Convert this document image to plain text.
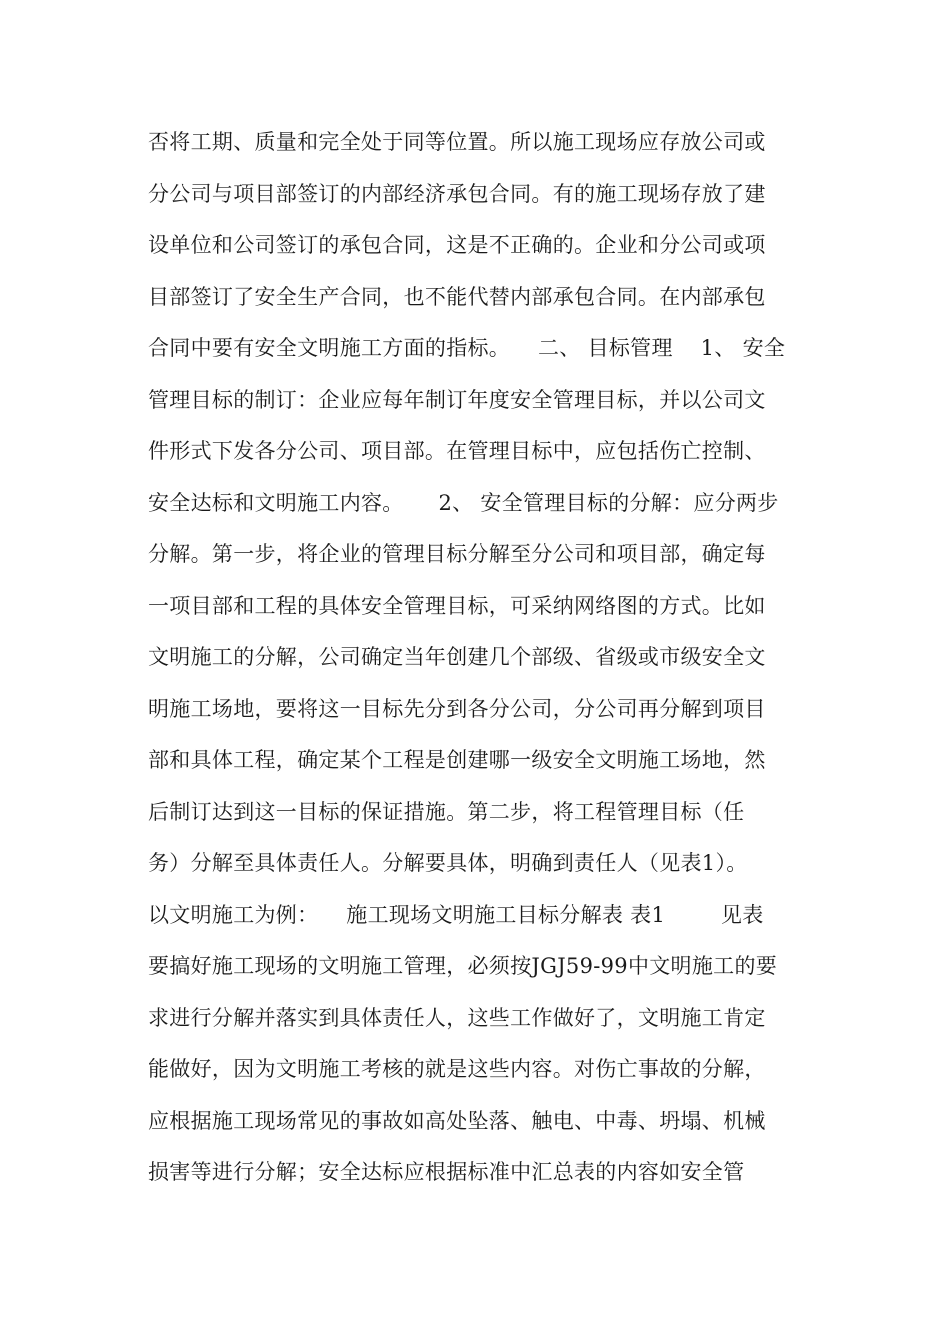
否将工期、质量和完全处于同等位置。所以施工现场应存放公司或
分公司与项目部签订的内部经济承包合同。有的施工现场存放了建
设单位和公司签订的承包合同，这是不正确的。企业和分公司或项
目部签订了安全生产合同，也不能代替内部承包合同。在内部承包
合同中要有安全文明施工方面的指标。    二、 目标管理    1、 安全
管理目标的制订：企业应每年制订年度安全管理目标，并以公司文
件形式下发各分公司、项目部。在管理目标中，应包括伤亡控制、
安全达标和文明施工内容。     2、 安全管理目标的分解：应分两步
分解。第一步，将企业的管理目标分解至分公司和项目部，确定每
一项目部和工程的具体安全管理目标，可采纳网络图的方式。比如
文明施工的分解，公司确定当年创建几个部级、省级或市级安全文
明施工场地，要将这一目标先分到各分公司，分公司再分解到项目
部和具体工程，确定某个工程是创建哪一级安全文明施工场地，然
后制订达到这一目标的保证措施。第二步，将工程管理目标（任
务）分解至具体责任人。分解要具体，明确到责任人（见表1）。
以文明施工为例：    施工现场文明施工目标分解表 表1        见表
要搞好施工现场的文明施工管理，必须按JGJ59-99中文明施工的要
求进行分解并落实到具体责任人，这些工作做好了，文明施工肯定
能做好，因为文明施工考核的就是这些内容。对伤亡事故的分解，
应根据施工现场常见的事故如高处坠落、触电、中毒、坍塌、机械
损害等进行分解；安全达标应根据标准中汇总表的内容如安全管
